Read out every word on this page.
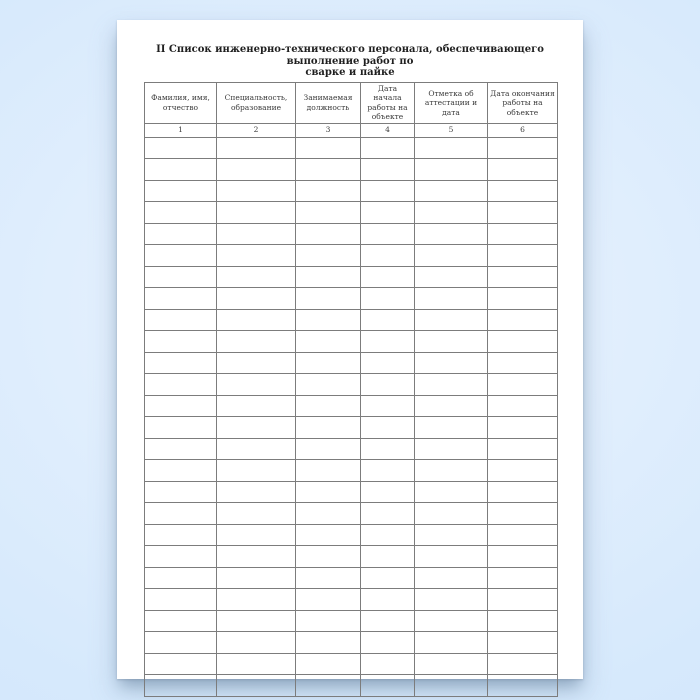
II Список инженерно-технического персонала, обеспечивающего выполнение работ по
сварке и пайке
Фамилия, имя, отчество	Специальность, образование	Занимаемая должность	Дата начала работы на объекте	Отметка об аттестации и дата	Дата окончания работы на объекте
1	2	3	4	5	6
